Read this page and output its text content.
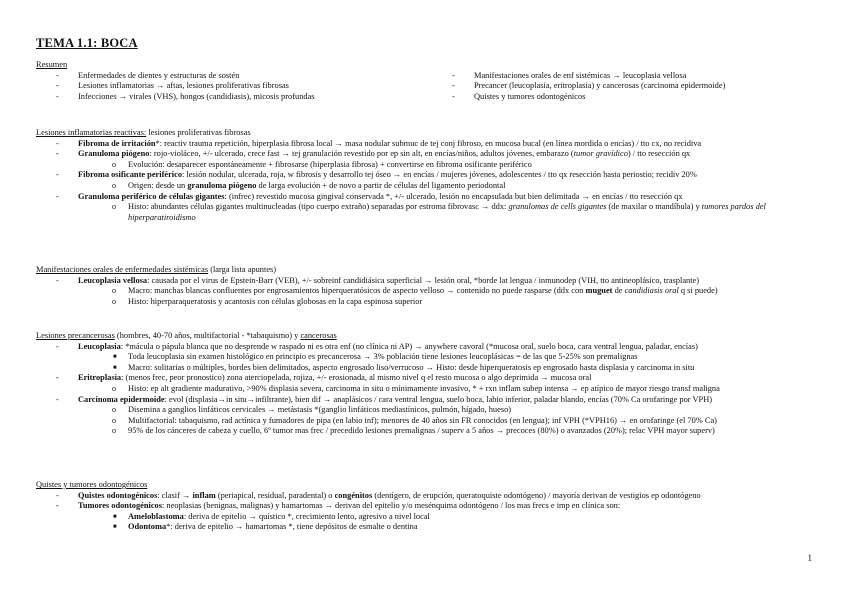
TEMA 1.1: BOCA
Resumen
- Enfermedades de dientes y estructuras de sostén
- Lesiones inflamatorias → aftas, lesiones proliferativas fibrosas
- Infecciones → virales (VHS), hongos (candidiasis), micosis profundas
- Manifestaciones orales de enf sistémicas → leucoplasia vellosa
- Precancer (leucoplasia, eritroplasia) y cancerosas (carcinoma epidermoide)
- Quistes y tumores odontogénicos
Lesiones inflamatorias reactivas: lesiones proliferativas fibrosas
- Fibroma de irritación*: reactiv trauma repetición, hiperplasia fibrosa local → masa nodular submuc de tej conj fibroso, en mucosa bucal (en línea mordida o encías) / tto cx, no recidiva
- Granuloma piógeno: rojo-violáceo, +/- ulcerado, crece fast → tej granulación revestido por ep sin alt, en encías/niños, adultos jóvenes, embarazo (tumor gravídico) / tto resección qx
o Evolución: desaparecer espontáneamente + fibrosarse (hiperplasia fibrosa) + convertirse en fibroma osificante periférico
- Fibroma osificante periférico: lesión nodular, ulcerada, roja, w fibrosis y desarrollo tej óseo → en encías / mujeres jóvenes, adolescentes / tto qx resección hasta periostio; recidiv 20%
o Origen: desde un granuloma piógeno de larga evolución + de novo a partir de células del ligamento periodontal
- Granuloma periférico de células gigantes: (infrec) revestido mucosa gingival conservada *, +/- ulcerado, lesión no encapsulada but bien delimitada → en encías / tto resección qx
o Histo: abundantes células gigantes multinucleadas (tipo cuerpo extraño) separadas por estroma fibrovasc → ddx: granulomas de cells gigantes (de maxilar o mandíbula) y tumores pardos del hiperparatiroidismo
Manifestaciones orales de enfermedades sistémicas (larga lista apuntes)
- Leucoplasia vellosa: causada por el virus de Epstein-Barr (VEB), +/- sobreinf candidiásica superficial → lesión oral, *borde lat lengua / inmunodep (VIH, tto antineoplásico, trasplante)
o Macro: manchas blancas confluentes por engrosamientos hiperqueratósicos de aspecto velloso → contenido no puede rasparse (ddx con muguet de candidiasis oral q si puede)
o Histo: hiperparaqueratosis y acantosis con células globosas en la capa espinosa superior
Lesiones precancerosas (hombres, 40-70 años, multifactorial - *tabaquismo) y cancerosas
- Leucoplasia: *mácula o pápula blanca que no desprende w raspado ni es otra enf (no clínica ni AP) → anywhere cavoral (*mucosa oral, suelo boca, cara ventral lengua, paladar, encías)
■ Toda leucoplasia sin examen histológico en principio es precancerosa → 3% población tiene lesiones leucoplásicas = de las que 5-25% son premalignas
■ Macro: solitarias o múltiples, bordes bien delimitados, aspecto engrosado liso/verrucoso → Histo: desde hiperqueratosis ep engrosado hasta displasia y carcinoma in situ
- Eritroplasia: (menos frec, peor pronostico) zona aterciopelada, rojiza, +/- erosionada, al mismo nivel q el resto mucosa o algo deprimida → mucosa oral
o Histo: ep alt gradiente madurativo, >90% displasia severa, carcinoma in situ o mínimamente invasivo, * + rxn inflam subep intensa → ep atípico de mayor riesgo transf maligna
- Carcinoma epidermoide: evol (displasia→in situ→infiltrante), bien dif → anaplásicos / cara ventral lengua, suelo boca, labio inferior, paladar blando, encías (70% Ca orofaringe por VPH)
o Disemina a ganglios linfáticos cervicales → metástasis *(ganglio linfáticos mediastínicos, pulmón, hígado, hueso)
o Multifactorial: tabaquismo, rad actínica y fumadores de pipa (en labio inf); menores de 40 años sin FR conocidos (en lengua); inf VPH (*VPH16) → en orofaringe (el 70% Ca)
o 95% de los cánceres de cabeza y cuello, 6º tumor mas frec / precedido lesiones premalignas / superv a 5 años → precoces (80%) o avanzados (20%); relac VPH mayor superv)
Quistes y tumores odontogénicos
- Quistes odontogénicos: clasif → inflam (periapical, residual, paradental) o congénitos (dentígero, de erupción, queratoquiste odontógeno) / mayoría derivan de vestigios ep odontógeno
- Tumores odontogénicos: neoplasias (benignas, malignas) y hamartomas → derivan del epitelio y/o mesénquima odontógeno / los mas frecs e imp en clínica son:
■ Ameloblastoma: deriva de epitelio → quístico *, crecimiento lento, agresivo a nivel local
■ Odontoma*: deriva de epitelio → hamartomas *, tiene depósitos de esmalte o dentina
1
